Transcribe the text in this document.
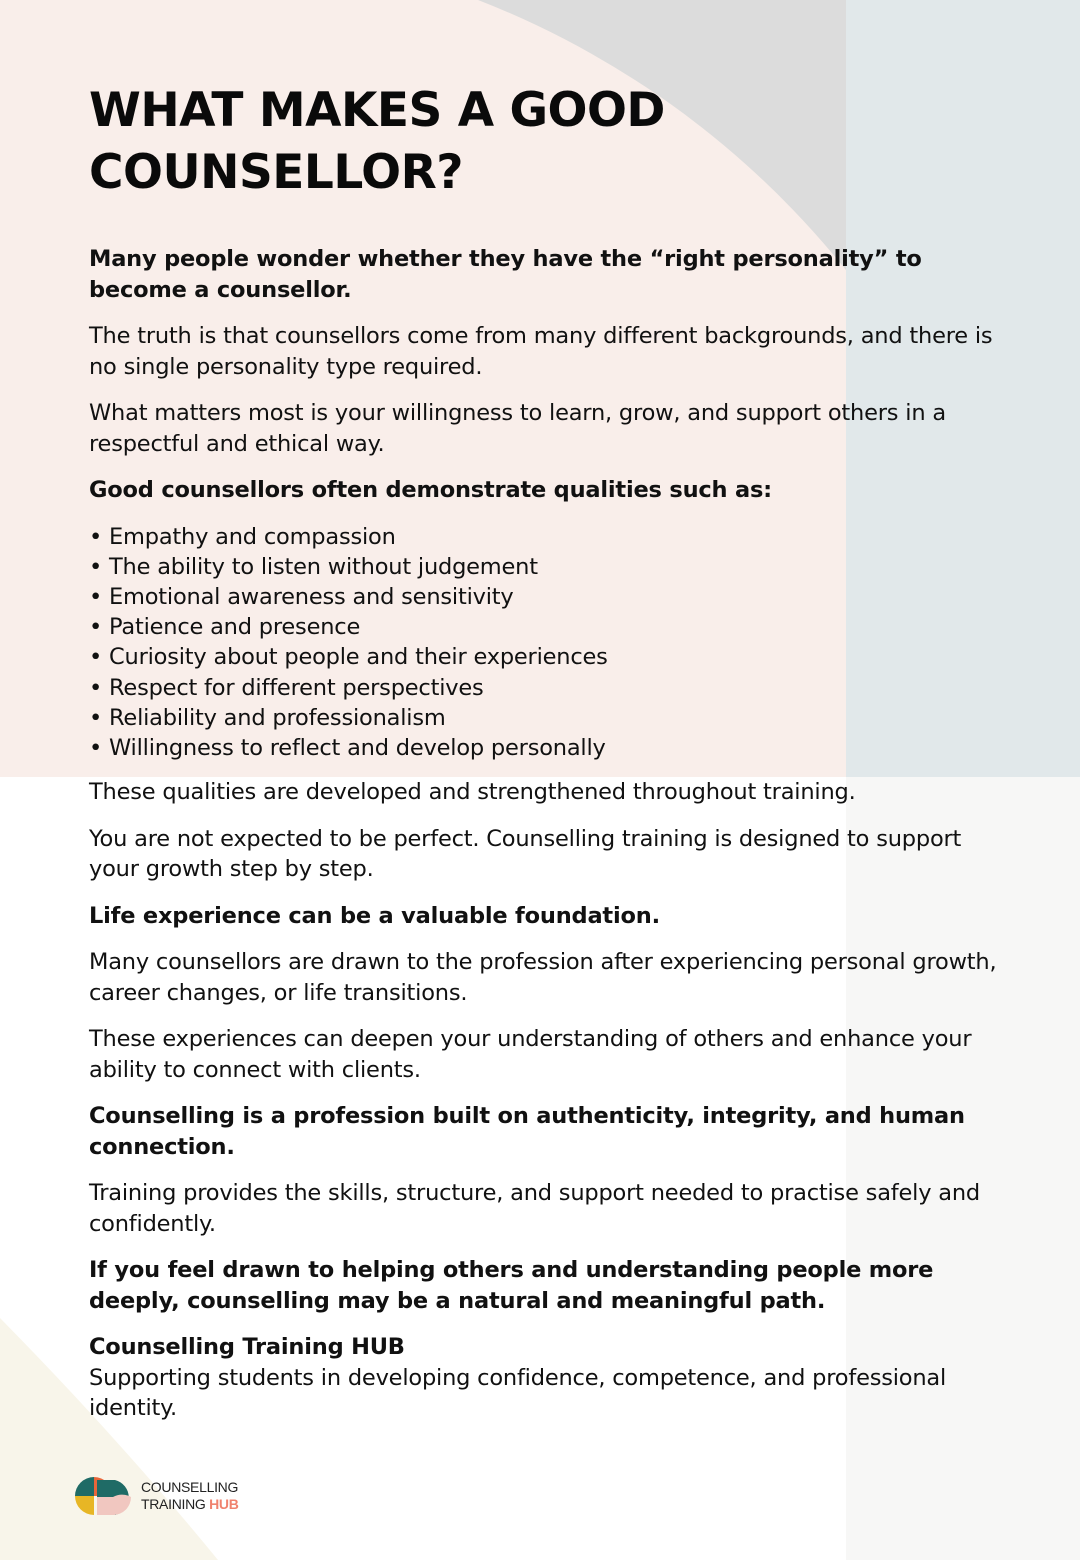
WHAT MAKES A GOOD COUNSELLOR?

Many people wonder whether they have the “right personality” to become a counsellor.

The truth is that counsellors come from many different backgrounds, and there is no single personality type required.

What matters most is your willingness to learn, grow, and support others in a respectful and ethical way.

Good counsellors often demonstrate qualities such as:

• Empathy and compassion
• The ability to listen without judgement
• Emotional awareness and sensitivity
• Patience and presence
• Curiosity about people and their experiences
• Respect for different perspectives
• Reliability and professionalism
• Willingness to reflect and develop personally

These qualities are developed and strengthened throughout training.

You are not expected to be perfect. Counselling training is designed to support your growth step by step.

Life experience can be a valuable foundation.

Many counsellors are drawn to the profession after experiencing personal growth, career changes, or life transitions.

These experiences can deepen your understanding of others and enhance your ability to connect with clients.

Counselling is a profession built on authenticity, integrity, and human connection.

Training provides the skills, structure, and support needed to practise safely and confidently.

If you feel drawn to helping others and understanding people more deeply, counselling may be a natural and meaningful path.

Counselling Training HUB

Supporting students in developing confidence, competence, and professional identity.

COUNSELLING
TRAINING HUB
